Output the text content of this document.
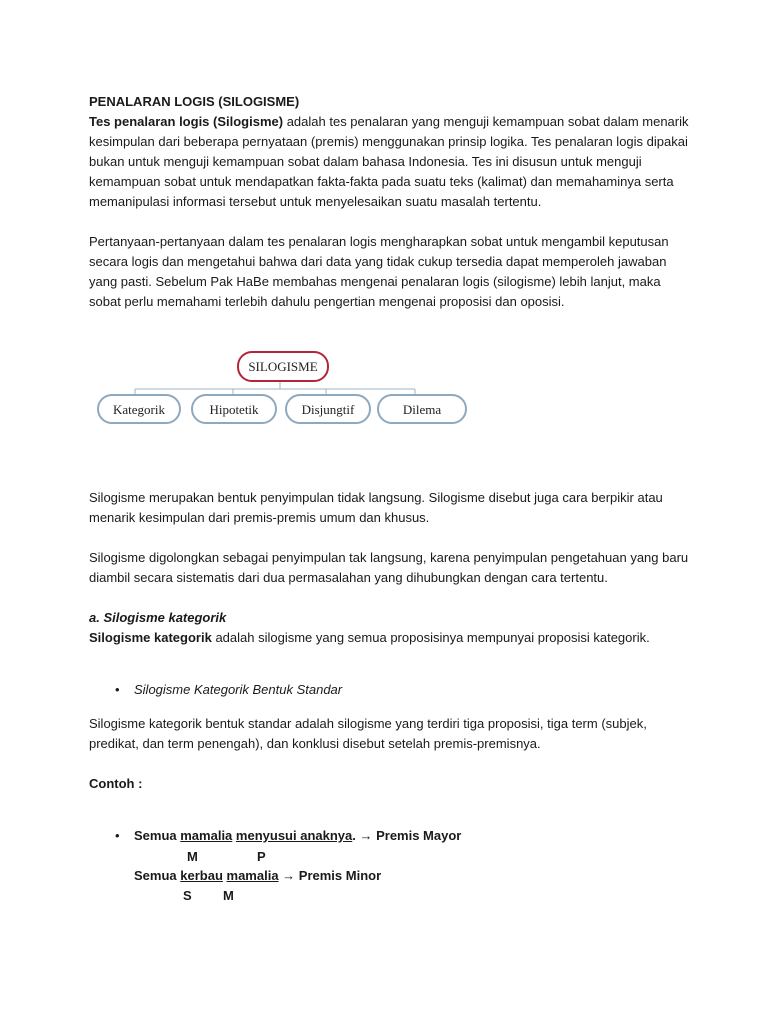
PENALARAN LOGIS (SILOGISME)

Tes penalaran logis (Silogisme) adalah tes penalaran yang menguji kemampuan sobat dalam menarik kesimpulan dari beberapa pernyataan (premis) menggunakan prinsip logika. Tes penalaran logis dipakai bukan untuk menguji kemampuan sobat dalam bahasa Indonesia. Tes ini disusun untuk menguji kemampuan sobat untuk mendapatkan fakta-fakta pada suatu teks (kalimat) dan memahaminya serta memanipulasi informasi tersebut untuk menyelesaikan suatu masalah tertentu.

Pertanyaan-pertanyaan dalam tes penalaran logis mengharapkan sobat untuk mengambil keputusan secara logis dan mengetahui bahwa dari data yang tidak cukup tersedia dapat memperoleh jawaban yang pasti. Sebelum Pak HaBe membahas mengenai penalaran logis (silogisme) lebih lanjut, maka sobat perlu memahami terlebih dahulu pengertian mengenai proposisi dan oposisi.

SILOGISME
Kategorik	Hipotetik	Disjungtif	Dilema

Silogisme merupakan bentuk penyimpulan tidak langsung. Silogisme disebut juga cara berpikir atau menarik kesimpulan dari premis-premis umum dan khusus.

Silogisme digolongkan sebagai penyimpulan tak langsung, karena penyimpulan pengetahuan yang baru diambil secara sistematis dari dua permasalahan yang dihubungkan dengan cara tertentu.

a. Silogisme kategorik

Silogisme kategorik adalah silogisme yang semua proposisinya mempunyai proposisi kategorik.

• Silogisme Kategorik Bentuk Standar

Silogisme kategorik bentuk standar adalah silogisme yang terdiri tiga proposisi, tiga term (subjek, predikat, dan term penengah), dan konklusi disebut setelah premis-premisnya.

Contoh :

• Semua mamalia menyusui anaknya. → Premis Mayor

M	P

Semua kerbau mamalia → Premis Minor

S M
